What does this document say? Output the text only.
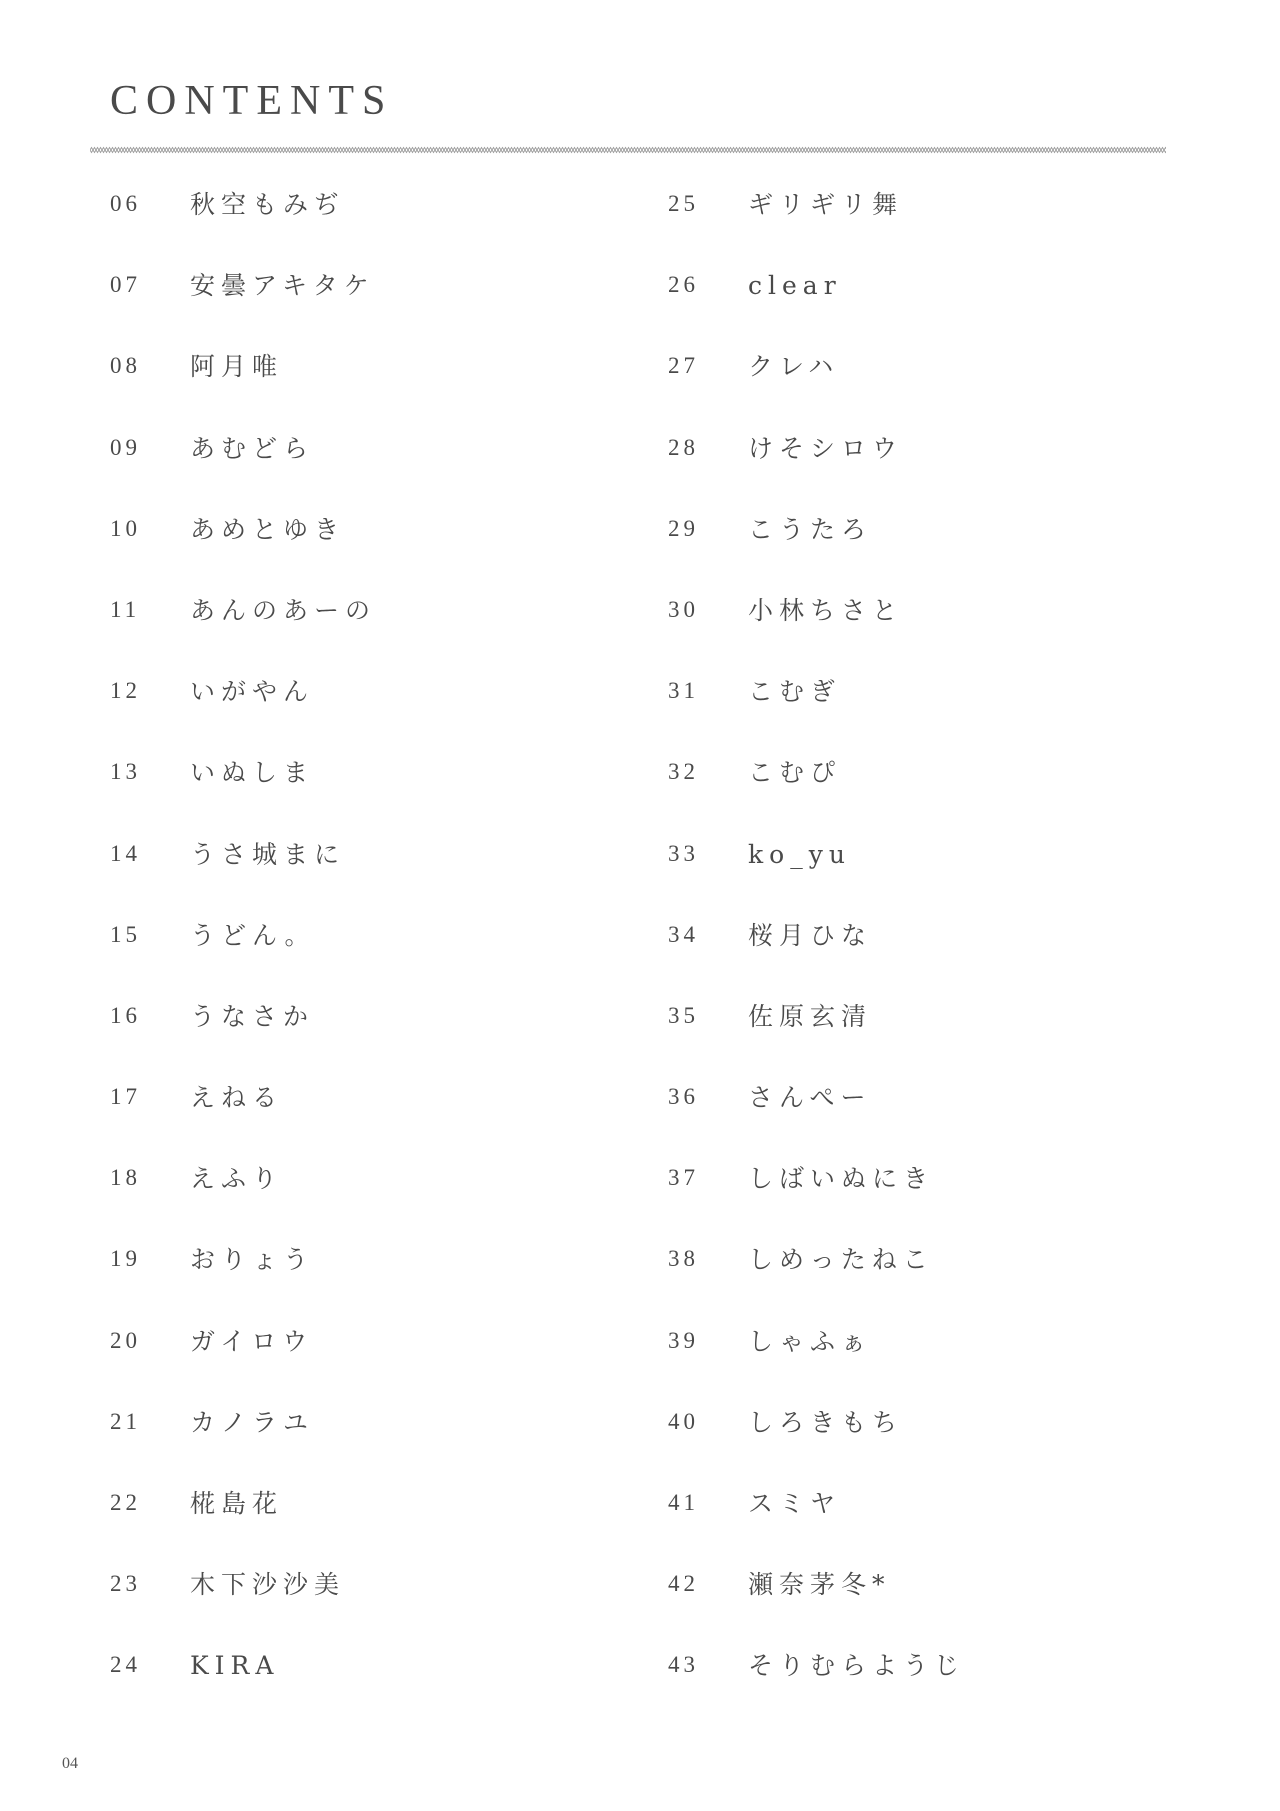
CONTENTS
06	秋空もみぢ
07	安曇アキタケ
08	阿月唯
09	あむどら
10	あめとゆき
11	あんのあーの
12	いがやん
13	いぬしま
14	うさ城まに
15	うどん。
16	うなさか
17	えねる
18	えふり
19	おりょう
20	ガイロウ
21	カノラユ
22	椛島花
23	木下沙沙美
24	KIRA
25	ギリギリ舞
26	clear
27	クレハ
28	けそシロウ
29	こうたろ
30	小林ちさと
31	こむぎ
32	こむぴ
33	ko_yu
34	桜月ひな
35	佐原玄清
36	さんぺー
37	しばいぬにき
38	しめったねこ
39	しゃふぁ
40	しろきもち
41	スミヤ
42	瀬奈茅冬*
43	そりむらようじ
04
